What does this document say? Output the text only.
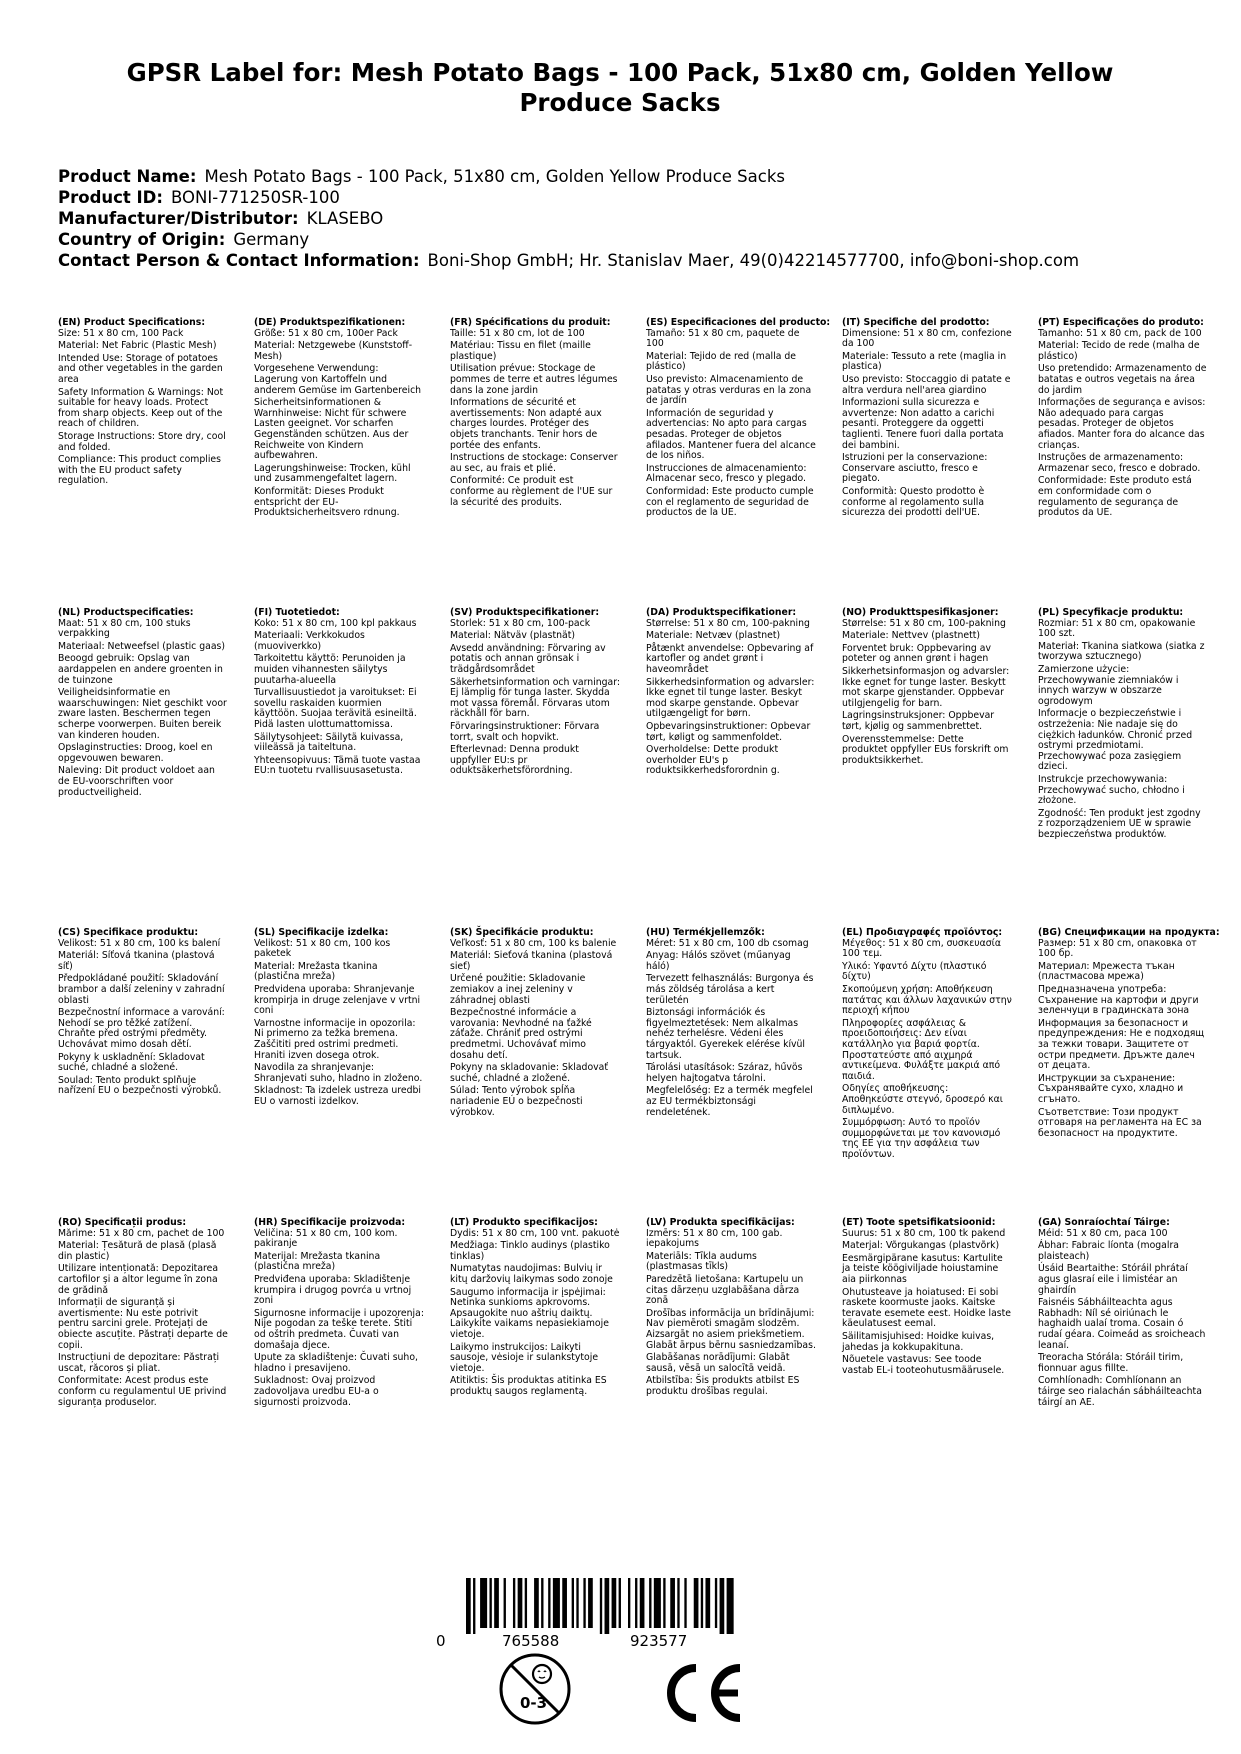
GPSR Label for: Mesh Potato Bags - 100 Pack, 51x80 cm, Golden Yellow Produce Sacks
Product Name: Mesh Potato Bags - 100 Pack, 51x80 cm, Golden Yellow Produce Sacks
Product ID: BONI-771250SR-100
Manufacturer/Distributor: KLASEBO
Country of Origin: Germany
Contact Person & Contact Information: Boni-Shop GmbH; Hr. Stanislav Maer, 49(0)42214577700, info@boni-shop.com
(EN) Product Specifications:
Size: 51 x 80 cm, 100 Pack
Material: Net Fabric (Plastic Mesh)
Intended Use: Storage of potatoes and other vegetables in the garden area
Safety Information & Warnings: Not suitable for heavy loads. Protect from sharp objects. Keep out of the reach of children.
Storage Instructions: Store dry, cool and folded.
Compliance: This product complies with the EU product safety regulation.
(DE) Produktspezifikationen:
Größe: 51 x 80 cm, 100er Pack
Material: Netzgewebe (Kunststoff-Mesh)
Vorgesehene Verwendung: Lagerung von Kartoffeln und anderem Gemüse im Gartenbereich
Sicherheitsinformationen & Warnhinweise: Nicht für schwere Lasten geeignet. Vor scharfen Gegenständen schützen. Aus der Reichweite von Kindern aufbewahren.
Lagerungshinweise: Trocken, kühl und zusammengefaltet lagern.
Konformität: Dieses Produkt entspricht der EU-Produktsicherheitsvero rdnung.
(FR) Spécifications du produit:
Taille: 51 x 80 cm, lot de 100
Matériau: Tissu en filet (maille plastique)
Utilisation prévue: Stockage de pommes de terre et autres légumes dans la zone jardin
Informations de sécurité et avertissements: Non adapté aux charges lourdes. Protéger des objets tranchants. Tenir hors de portée des enfants.
Instructions de stockage: Conserver au sec, au frais et plié.
Conformité: Ce produit est conforme au règlement de l'UE sur la sécurité des produits.
(ES) Especificaciones del producto:
Tamaño: 51 x 80 cm, paquete de 100
Material: Tejido de red (malla de plástico)
Uso previsto: Almacenamiento de patatas y otras verduras en la zona de jardín
Información de seguridad y advertencias: No apto para cargas pesadas. Proteger de objetos afilados. Mantener fuera del alcance de los niños.
Instrucciones de almacenamiento: Almacenar seco, fresco y plegado.
Conformidad: Este producto cumple con el reglamento de seguridad de productos de la UE.
(IT) Specifiche del prodotto:
Dimensione: 51 x 80 cm, confezione da 100
Materiale: Tessuto a rete (maglia in plastica)
Uso previsto: Stoccaggio di patate e altra verdura nell'area giardino
Informazioni sulla sicurezza e avvertenze: Non adatto a carichi pesanti. Proteggere da oggetti taglienti. Tenere fuori dalla portata dei bambini.
Istruzioni per la conservazione: Conservare asciutto, fresco e piegato.
Conformità: Questo prodotto è conforme al regolamento sulla sicurezza dei prodotti dell'UE.
(PT) Especificações do produto:
Tamanho: 51 x 80 cm, pack de 100
Material: Tecido de rede (malha de plástico)
Uso pretendido: Armazenamento de batatas e outros vegetais na área do jardim
Informações de segurança e avisos: Não adequado para cargas pesadas. Proteger de objetos afiados. Manter fora do alcance das crianças.
Instruções de armazenamento: Armazenar seco, fresco e dobrado.
Conformidade: Este produto está em conformidade com o regulamento de segurança de produtos da UE.
(NL) Productspecificaties:
Maat: 51 x 80 cm, 100 stuks verpakking
Materiaal: Netweefsel (plastic gaas)
Beoogd gebruik: Opslag van aardappelen en andere groenten in de tuinzone
Veiligheidsinformatie en waarschuwingen: Niet geschikt voor zware lasten. Beschermen tegen scherpe voorwerpen. Buiten bereik van kinderen houden.
Opslaginstructies: Droog, koel en opgevouwen bewaren.
Naleving: Dit product voldoet aan de EU-voorschriften voor productveiligheid.
(FI) Tuotetiedot:
Koko: 51 x 80 cm, 100 kpl pakkaus
Materiaali: Verkkokudos (muoviverkko)
Tarkoitettu käyttö: Perunoiden ja muiden vihannesten säilytys puutarha-alueella
Turvallisuustiedot ja varoitukset: Ei sovellu raskaiden kuormien käyttöön. Suojaa terävitä esineiltä. Pidä lasten ulottumattomissa.
Säilytysohjeet: Säilytä kuivassa, viileässä ja taiteltuna.
Yhteensopivuus: Tämä tuote vastaa EU:n tuotetu rvallisuusasetusta.
(SV) Produktspecifikationer:
Storlek: 51 x 80 cm, 100-pack
Material: Nätväv (plastnät)
Avsedd användning: Förvaring av potatis och annan grönsak i trädgårdsområdet
Säkerhetsinformation och varningar: Ej lämplig för tunga laster. Skydda mot vassa föremål. Förvaras utom räckhåll för barn.
Förvaringsinstruktioner: Förvara torrt, svalt och hopvikt.
Efterlevnad: Denna produkt uppfyller EU:s pr oduktsäkerhetsförordning.
(DA) Produktspecifikationer:
Størrelse: 51 x 80 cm, 100-pakning
Materiale: Netvæv (plastnet)
Påtænkt anvendelse: Opbevaring af kartofler og andet grønt i haveområdet
Sikkerhedsinformation og advarsler: Ikke egnet til tunge laster. Beskyt mod skarpe genstande. Opbevar utilgængeligt for børn.
Opbevaringsinstruktioner: Opbevar tørt, køligt og sammenfoldet.
Overholdelse: Dette produkt overholder EU's p roduktsikkerhedsforordnin g.
(NO) Produkttspesifikasjoner:
Størrelse: 51 x 80 cm, 100-pakning
Materiale: Nettvev (plastnett)
Forventet bruk: Oppbevaring av poteter og annen grønt i hagen
Sikkerhetsinformasjon og advarsler: Ikke egnet for tunge laster. Beskytt mot skarpe gjenstander. Oppbevar utilgjengelig for barn.
Lagringsinstruksjoner: Oppbevar tørt, kjølig og sammenbrettet.
Overensstemmelse: Dette produktet oppfyller EUs forskrift om produktsikkerhet.
(PL) Specyfikacje produktu:
Rozmiar: 51 x 80 cm, opakowanie 100 szt.
Materiał: Tkanina siatkowa (siatka z tworzywa sztucznego)
Zamierzone użycie: Przechowywanie ziemniaków i innych warzyw w obszarze ogrodowym
Informacje o bezpieczeństwie i ostrzeżenia: Nie nadaje się do ciężkich ładunków. Chronić przed ostrymi przedmiotami. Przechowywać poza zasięgiem dzieci.
Instrukcje przechowywania: Przechowywać sucho, chłodno i złożone.
Zgodność: Ten produkt jest zgodny z rozporządzeniem UE w sprawie bezpieczeństwa produktów.
(CS) Specifikace produktu:
Velikost: 51 x 80 cm, 100 ks balení
Materiál: Síťová tkanina (plastová síť)
Předpokládané použití: Skladování brambor a další zeleniny v zahradní oblasti
Bezpečnostní informace a varování: Nehodí se pro těžké zatížení. Chraňte před ostrými předměty. Uchovávat mimo dosah dětí.
Pokyny k uskladnění: Skladovat suché, chladné a složené.
Soulad: Tento produkt splňuje nařízení EU o bezpečnosti výrobků.
(SL) Specifikacije izdelka:
Velikost: 51 x 80 cm, 100 kos paketek
Material: Mrežasta tkanina (plastična mreža)
Predvidena uporaba: Shranjevanje krompirja in druge zelenjave v vrtni coni
Varnostne informacije in opozorila: Ni primerno za težka bremena. Zaščititi pred ostrimi predmeti. Hraniti izven dosega otrok.
Navodila za shranjevanje: Shranjevati suho, hladno in zloženo.
Skladnost: Ta izdelek ustreza uredbi EU o varnosti izdelkov.
(SK) Špecifikácie produktu:
Veľkosť: 51 x 80 cm, 100 ks balenie
Materiál: Sieťová tkanina (plastová sieť)
Určené použitie: Skladovanie zemiakov a inej zeleniny v záhradnej oblasti
Bezpečnostné informácie a varovania: Nevhodné na ťažké záťaže. Chrániť pred ostrými predmetmi. Uchovávať mimo dosahu detí.
Pokyny na skladovanie: Skladovať suché, chladné a zložené.
Súlad: Tento výrobok spĺňa nariadenie EÚ o bezpečnosti výrobkov.
(HU) Termékjellemzők:
Méret: 51 x 80 cm, 100 db csomag
Anyag: Hálós szövet (műanyag háló)
Tervezett felhasználás: Burgonya és más zöldség tárolása a kert területén
Biztonsági információk és figyelmeztetések: Nem alkalmas nehéz terhelésre. Védeni éles tárgyaktól. Gyerekek elérése kívül tartsuk.
Tárolási utasítások: Száraz, hűvös helyen hajtogatva tárolni.
Megfelelőség: Ez a termék megfelel az EU termékbiztonsági rendeletének.
(EL) Προδιαγραφές προϊόντος:
Μέγεθος: 51 x 80 cm, συσκευασία 100 τεμ.
Υλικό: Υφαντό Δίχτυ (πλαστικό δίχτυ)
Σκοπούμενη χρήση: Αποθήκευση πατάτας και άλλων λαχανικών στην περιοχή κήπου
Πληροφορίες ασφάλειας & προειδοποιήσεις: Δεν είναι κατάλληλο για βαριά φορτία. Προστατεύστε από αιχμηρά αντικείμενα. Φυλάξτε μακριά από παιδιά.
Οδηγίες αποθήκευσης: Αποθηκεύστε στεγνό, δροσερό και διπλωμένο.
Συμμόρφωση: Αυτό το προϊόν συμμορφώνεται με τον κανονισμό της ΕΕ για την ασφάλεια των προϊόντων.
(BG) Спецификации на продукта:
Размер: 51 x 80 cm, опаковка от 100 бр.
Материал: Мрежеста тъкан (пластмасова мрежа)
Предназначена употреба: Съхранение на картофи и други зеленчуци в градинската зона
Информация за безопасност и предупреждения: Не е подходящ за тежки товари. Защитете от остри предмети. Дръжте далеч от децата.
Инструкции за съхранение: Съхранявайте сухо, хладно и сгънато.
Съответствие: Този продукт отговаря на регламента на ЕС за безопасност на продуктите.
(RO) Specificații produs:
Mărime: 51 x 80 cm, pachet de 100
Material: Țesătură de plasă (plasă din plastic)
Utilizare intenționată: Depozitarea cartofilor și a altor legume în zona de grădină
Informații de siguranță și avertismente: Nu este potrivit pentru sarcini grele. Protejați de obiecte ascuțite. Păstrați departe de copii.
Instrucțiuni de depozitare: Păstrați uscat, răcoros și pliat.
Conformitate: Acest produs este conform cu regulamentul UE privind siguranța produselor.
(HR) Specifikacije proizvoda:
Veličina: 51 x 80 cm, 100 kom. pakiranje
Materijal: Mrežasta tkanina (plastična mreža)
Predviđena uporaba: Skladištenje krumpira i drugog povrća u vrtnoj zoni
Sigurnosne informacije i upozorenja: Nije pogodan za teške terete. Štiti od oštrih predmeta. Čuvati van domašaja djece.
Upute za skladištenje: Čuvati suho, hladno i presavijeno.
Sukladnost: Ovaj proizvod zadovoljava uredbu EU-a o sigurnosti proizvoda.
(LT) Produkto specifikacijos:
Dydis: 51 x 80 cm, 100 vnt. pakuotė
Medžiaga: Tinklo audinys (plastiko tinklas)
Numatytas naudojimas: Bulvių ir kitų daržovių laikymas sodo zonoje
Saugumo informacija ir įspėjimai: Netinka sunkioms apkrovoms. Apsaugokite nuo aštrių daiktų. Laikykite vaikams nepasiekiamoje vietoje.
Laikymo instrukcijos: Laikyti sausoje, vėsioje ir sulankstytoje vietoje.
Atitiktis: Šis produktas atitinka ES produktų saugos reglamentą.
(LV) Produkta specifikācijas:
Izmērs: 51 x 80 cm, 100 gab. iepakojums
Materiāls: Tīkla audums (plastmasas tīkls)
Paredzētā lietošana: Kartupeļu un citas dārzeņu uzglabāšana dārza zonā
Drošības informācija un brīdinājumi: Nav piemēroti smagām slodzēm. Aizsargāt no asiem priekšmetiem. Glabāt ārpus bērnu sasniedzamības.
Glabāšanas norādījumi: Glabāt sausā, vēsā un salocītā veidā.
Atbilstība: Šis produkts atbilst ES produktu drošības regulai.
(ET) Toote spetsifikatsioonid:
Suurus: 51 x 80 cm, 100 tk pakend
Materjal: Võrgukangas (plastvõrk)
Eesmärgipärane kasutus: Kartulite ja teiste köögiviljade hoiustamine aia piirkonnas
Ohutusteave ja hoiatused: Ei sobi raskete koormuste jaoks. Kaitske teravate esemete eest. Hoidke laste käeulatusest eemal.
Säilitamisjuhised: Hoidke kuivas, jahedas ja kokkupakituna.
Nõuetele vastavus: See toode vastab EL-i tooteohutusmäärusele.
(GA) Sonraíochtaí Táirge:
Méid: 51 x 80 cm, paca 100
Ábhar: Fabraic líonta (mogalra plaisteach)
Úsáid Beartaithe: Stóráil phrátaí agus glasraí eile i limistéar an ghairdín
Faisnéis Sábháilteachta agus Rabhadh: Níl sé oiriúnach le haghaidh ualaí troma. Cosain ó rudaí géara. Coimeád as sroicheach leanaí.
Treoracha Stórála: Stóráil tirim, fionnuar agus fillte.
Comhlíonadh: Comhlíonann an táirge seo rialachán sábháilteachta táirgí an AE.
0	765588	923577
0-3
